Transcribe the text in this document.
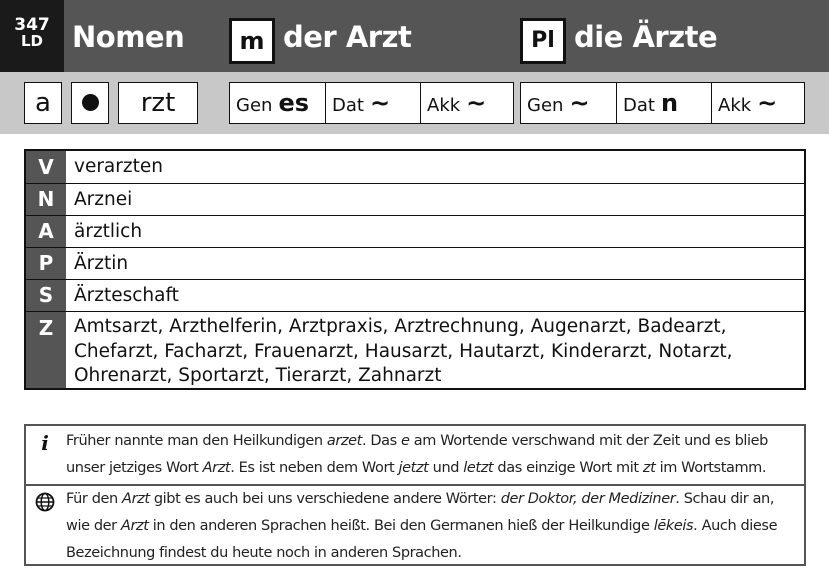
347
LD	Nomen	m der Arzt	Pl die Ärzte
a	rzt	Gen es	Dat ~	Akk ~	Gen ~	Dat n	Akk ~
V	verarzten
N	Arznei
A	ärztlich
P	Ärztin
S	Ärzteschaft
Z	Amtsarzt, Arzthelferin, Arztpraxis, Arztrechnung, Augenarzt, Badearzt, Chefarzt, Facharzt, Frauenarzt, Hausarzt, Hautarzt, Kinderarzt, Notarzt, Ohrenarzt, Sportarzt, Tierarzt, Zahnarzt
i	Früher nannte man den Heilkundigen arzet. Das e am Wortende verschwand mit der Zeit und es blieb unser jetziges Wort Arzt. Es ist neben dem Wort jetzt und letzt das einzige Wort mit zt im Wortstamm.
Für den Arzt gibt es auch bei uns verschiedene andere Wörter: der Doktor, der Mediziner. Schau dir an, wie der Arzt in den anderen Sprachen heißt. Bei den Germanen hieß der Heilkundige lēkeis. Auch diese Bezeichnung findest du heute noch in anderen Sprachen.
